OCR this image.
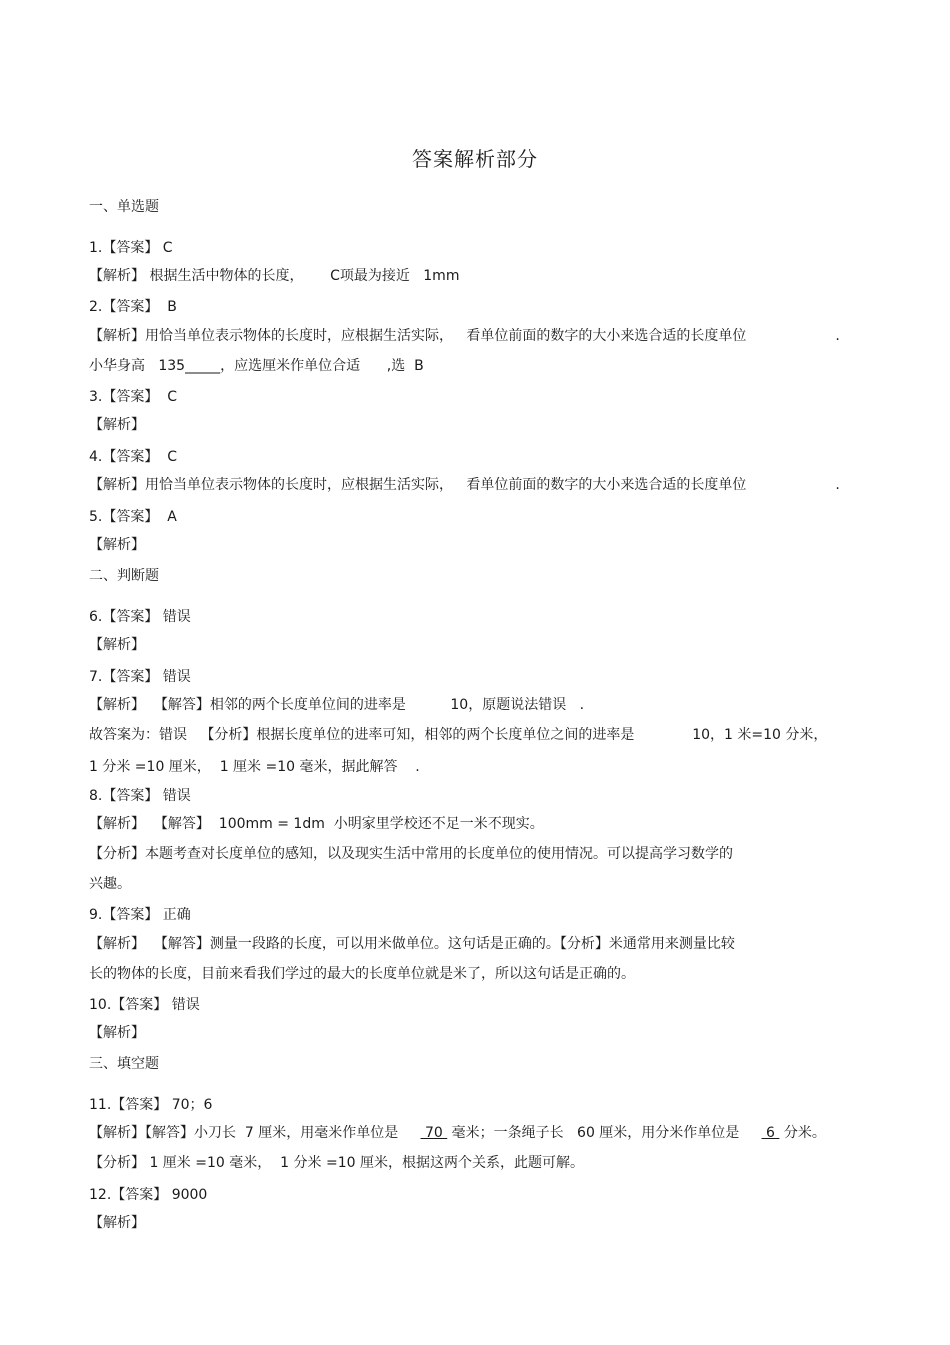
答案解析部分
一、单选题
1.【答案】 C
【解析】 根据生活中物体的长度，      C项最为接近   1mm
2.【答案】  B
【解析】用恰当单位表示物体的长度时，应根据生活实际，   看单位前面的数字的大小来选合适的长度单位                    .
小华身高   135_____，应选厘米作单位合适      ,选  B
3.【答案】  C
【解析】
4.【答案】  C
【解析】用恰当单位表示物体的长度时，应根据生活实际，   看单位前面的数字的大小来选合适的长度单位                    .
5.【答案】  A
【解析】
二、判断题
6.【答案】 错误
【解析】
7.【答案】 错误
【解析】  【解答】相邻的两个长度单位间的进率是          10，原题说法错误   .
故答案为：错误   【分析】根据长度单位的进率可知，相邻的两个长度单位之间的进率是             10，1 米=10 分米，
1 分米 =10 厘米，  1 厘米 =10 毫米，据此解答    .
8.【答案】 错误
【解析】  【解答】  100mm = 1dm  小明家里学校还不足一米不现实。
【分析】本题考查对长度单位的感知，以及现实生活中常用的长度单位的使用情况。可以提高学习数学的
兴趣。
9.【答案】 正确
【解析】  【解答】测量一段路的长度，可以用米做单位。这句话是正确的。【分析】米通常用来测量比较
长的物体的长度，目前来看我们学过的最大的长度单位就是米了，所以这句话是正确的。
10.【答案】 错误
【解析】
三、填空题
11.【答案】 70；6
【解析】【解答】小刀长  7 厘米，用毫米作单位是      70  毫米；一条绳子长   60 厘米，用分米作单位是      6  分米。
【分析】 1 厘米 =10 毫米，  1 分米 =10 厘米，根据这两个关系，此题可解。
12.【答案】 9000
【解析】
